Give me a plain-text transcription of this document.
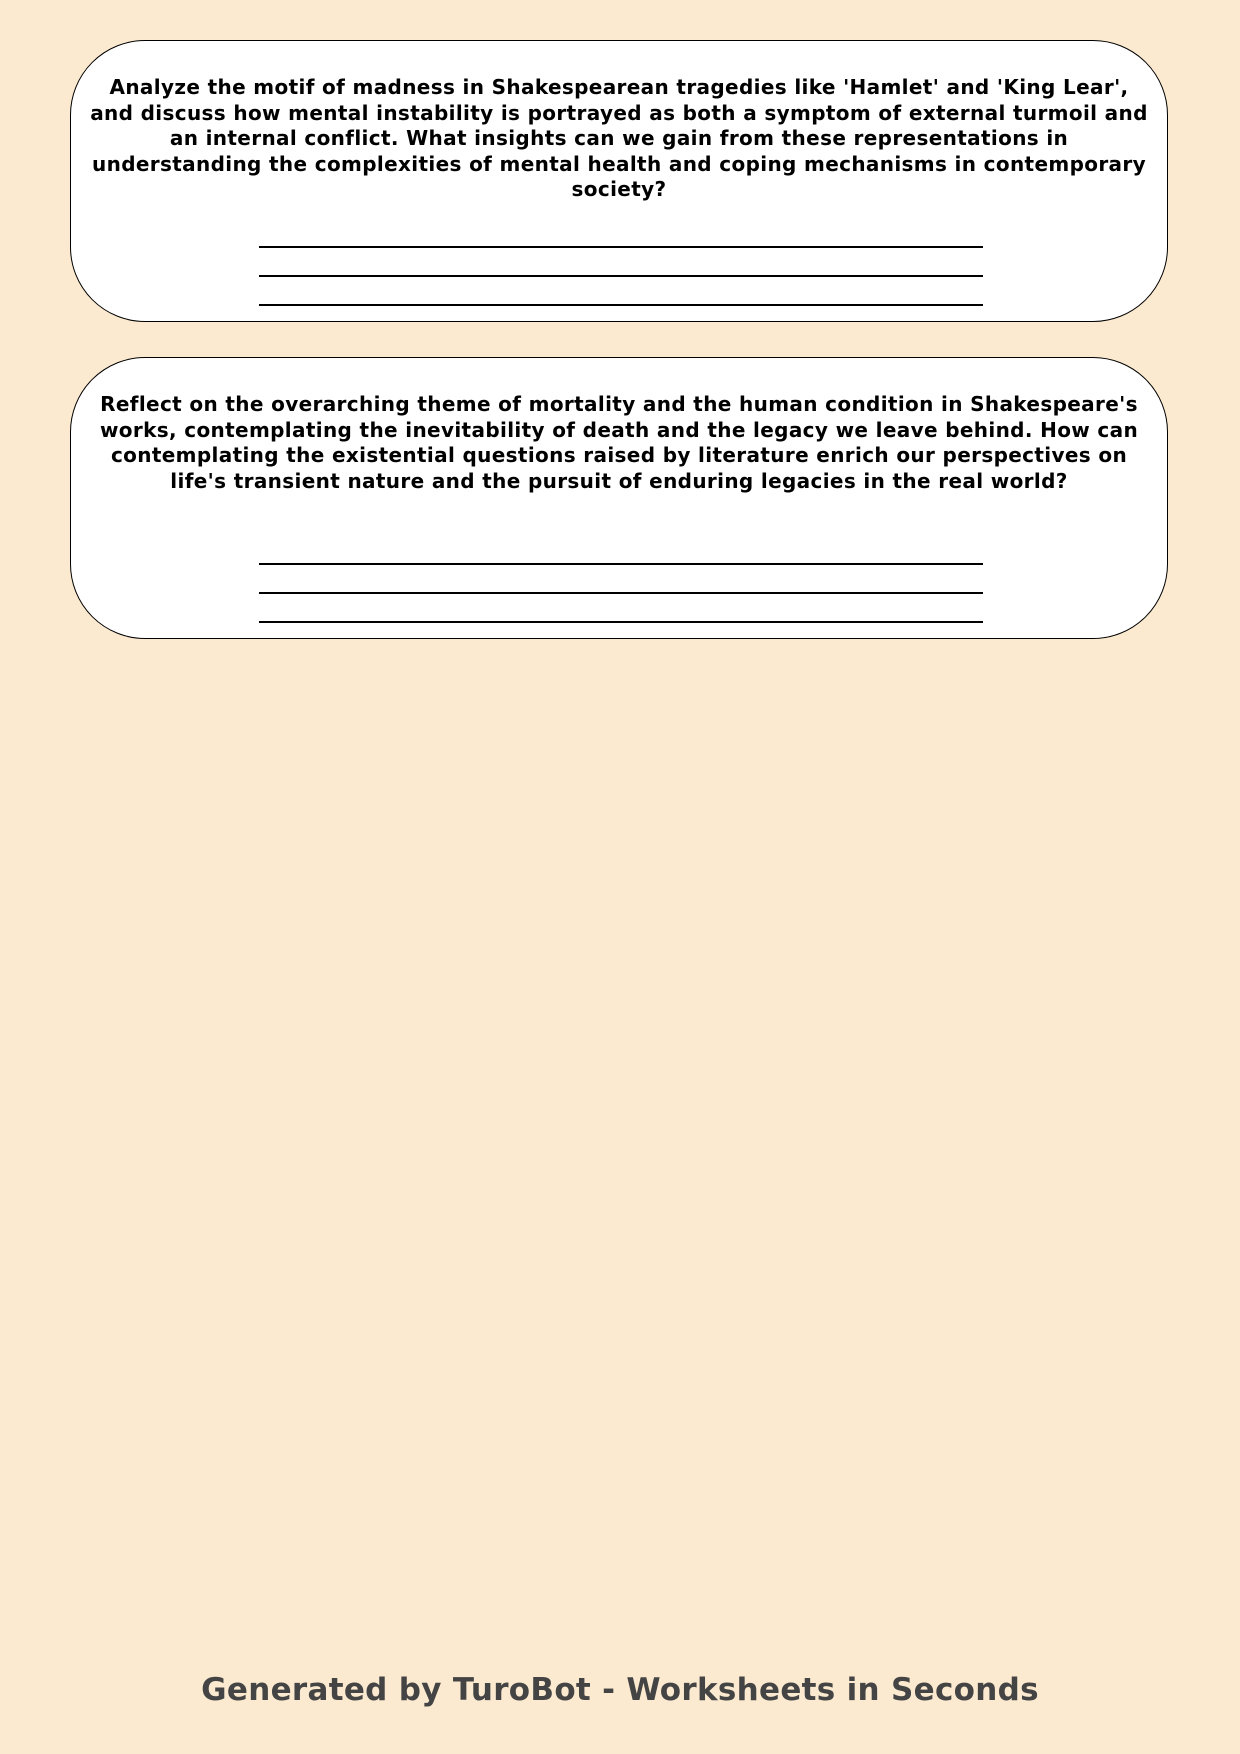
Analyze the motif of madness in Shakespearean tragedies like 'Hamlet' and 'King Lear', and discuss how mental instability is portrayed as both a symptom of external turmoil and an internal conflict. What insights can we gain from these representations in understanding the complexities of mental health and coping mechanisms in contemporary society?
Reflect on the overarching theme of mortality and the human condition in Shakespeare's works, contemplating the inevitability of death and the legacy we leave behind. How can contemplating the existential questions raised by literature enrich our perspectives on life's transient nature and the pursuit of enduring legacies in the real world?
Generated by TuroBot - Worksheets in Seconds
